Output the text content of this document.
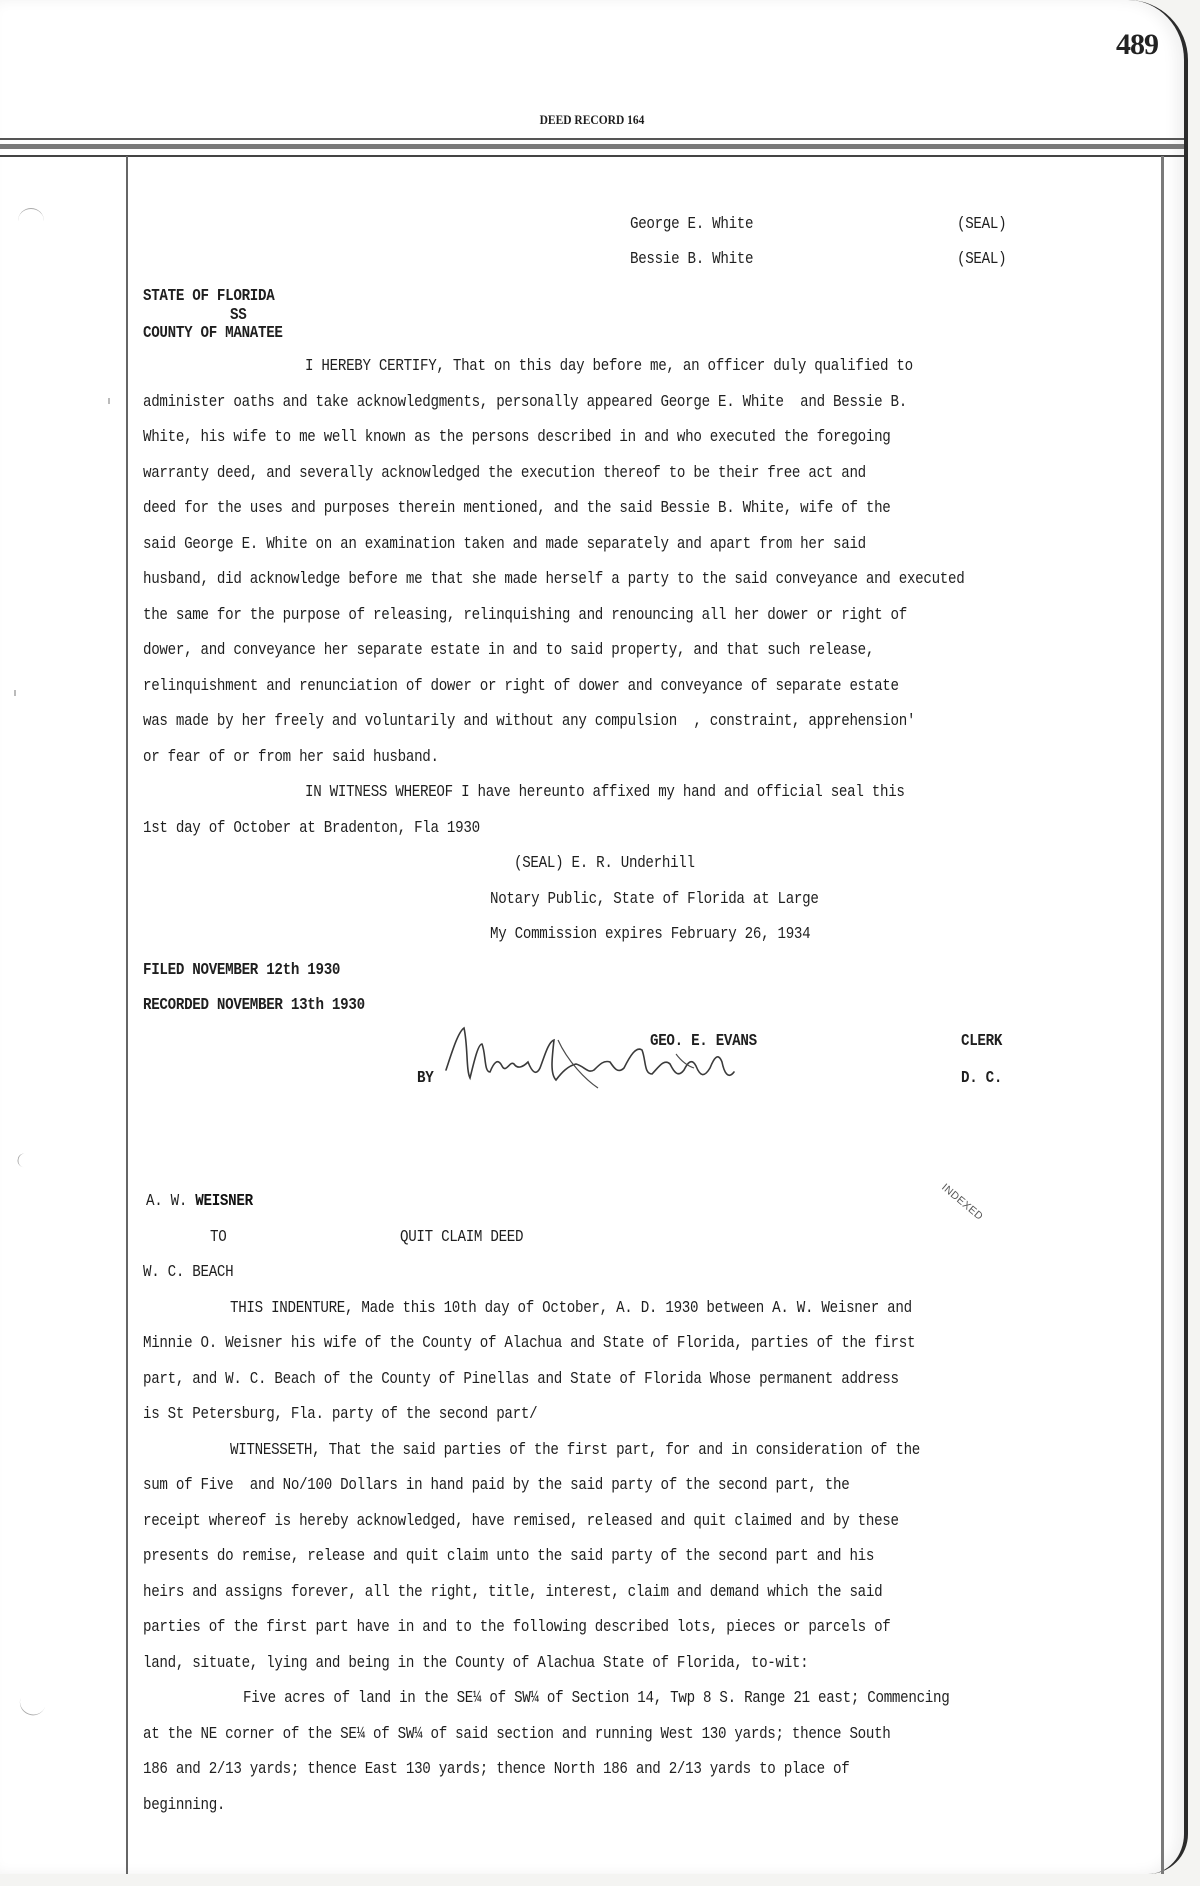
489
DEED RECORD 164
George E. White	(SEAL)
Bessie B. White	(SEAL)
STATE OF FLORIDA
SS
COUNTY OF MANATEE
I HEREBY CERTIFY, That on this day before me, an officer duly qualified to
administer oaths and take acknowledgments, personally appeared George E. White  and Bessie B.
White, his wife to me well known as the persons described in and who executed the foregoing
warranty deed, and severally acknowledged the execution thereof to be their free act and
deed for the uses and purposes therein mentioned, and the said Bessie B. White, wife of the
said George E. White on an examination taken and made separately and apart from her said
husband, did acknowledge before me that she made herself a party to the said conveyance and executed
the same for the purpose of releasing, relinquishing and renouncing all her dower or right of
dower, and conveyance her separate estate in and to said property, and that such release,
relinquishment and renunciation of dower or right of dower and conveyance of separate estate
was made by her freely and voluntarily and without any compulsion  , constraint, apprehension'
or fear of or from her said husband.
IN WITNESS WHEREOF I have hereunto affixed my hand and official seal this
1st day of October at Bradenton, Fla 1930
(SEAL) E. R. Underhill
Notary Public, State of Florida at Large
My Commission expires February 26, 1934
FILED NOVEMBER 12th 1930
RECORDED NOVEMBER 13th 1930
GEO. E. EVANS	CLERK
BY	D. C.
INDEXED
A. W. WEISNER
TO	QUIT CLAIM DEED
W. C. BEACH
THIS INDENTURE, Made this 10th day of October, A. D. 1930 between A. W. Weisner and
Minnie O. Weisner his wife of the County of Alachua and State of Florida, parties of the first
part, and W. C. Beach of the County of Pinellas and State of Florida Whose permanent address
is St Petersburg, Fla. party of the second part/
WITNESSETH, That the said parties of the first part, for and in consideration of the
sum of Five  and No/100 Dollars in hand paid by the said party of the second part, the
receipt whereof is hereby acknowledged, have remised, released and quit claimed and by these
presents do remise, release and quit claim unto the said party of the second part and his
heirs and assigns forever, all the right, title, interest, claim and demand which the said
parties of the first part have in and to the following described lots, pieces or parcels of
land, situate, lying and being in the County of Alachua State of Florida, to-wit:
Five acres of land in the SE¼ of SW¼ of Section 14, Twp 8 S. Range 21 east; Commencing
at the NE corner of the SE¼ of SW¼ of said section and running West 130 yards; thence South
186 and 2/13 yards; thence East 130 yards; thence North 186 and 2/13 yards to place of
beginning.
